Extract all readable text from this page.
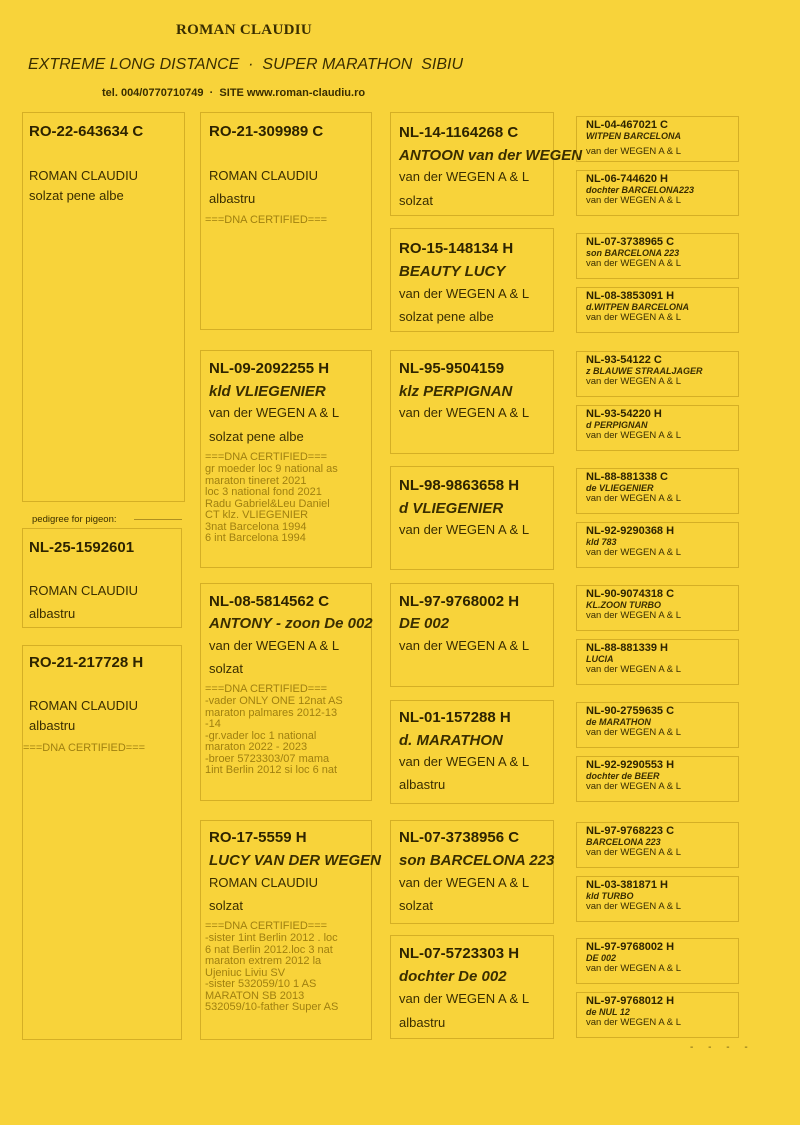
ROMAN CLAUDIU
EXTREME LONG DISTANCE  ·  SUPER MARATHON  SIBIU
tel. 004/0770710749  ·  SITE www.roman-claudiu.ro
RO-22-643634 C
ROMAN CLAUDIU
solzat pene albe
pedigree for pigeon:
NL-25-1592601
ROMAN CLAUDIU
albastru
RO-21-217728 H
ROMAN CLAUDIU
albastru
===DNA CERTIFIED===
RO-21-309989 C
ROMAN CLAUDIU
albastru
===DNA CERTIFIED===
NL-09-2092255 H
kld VLIEGENIER
van der WEGEN A & L
solzat pene albe
===DNA CERTIFIED===
gr moeder loc 9 national as
maraton tineret 2021
loc 3 national fond 2021
Radu Gabriel&Leu Daniel
CT klz. VLIEGENIER
3nat Barcelona 1994
6 int Barcelona 1994
NL-08-5814562 C
ANTONY - zoon De 002
van der WEGEN A & L
solzat
===DNA CERTIFIED===
-vader ONLY ONE 12nat AS
maraton palmares 2012-13
-14
-gr.vader loc 1 national
maraton 2022 - 2023
-broer 5723303/07 mama
1int Berlin 2012 si loc 6 nat
RO-17-5559 H
LUCY VAN DER WEGEN
ROMAN CLAUDIU
solzat
===DNA CERTIFIED===
-sister 1int Berlin 2012 . loc
6 nat Berlin 2012.loc 3 nat
maraton extrem 2012 la
Ujeniuc Liviu SV
-sister 532059/10 1 AS
MARATON SB 2013
532059/10-father Super AS
NL-14-1164268 C
ANTOON van der WEGEN
van der WEGEN A & L
solzat
RO-15-148134 H
BEAUTY LUCY
van der WEGEN A & L
solzat pene albe
NL-95-9504159
klz PERPIGNAN
van der WEGEN A & L
NL-98-9863658 H
d VLIEGENIER
van der WEGEN A & L
NL-97-9768002 H
DE 002
van der WEGEN A & L
NL-01-157288 H
d. MARATHON
van der WEGEN A & L
albastru
NL-07-3738956 C
son BARCELONA 223
van der WEGEN A & L
solzat
NL-07-5723303 H
dochter De 002
van der WEGEN A & L
albastru
NL-04-467021 C
WITPEN BARCELONA
van der WEGEN A & L
NL-06-744620 H
dochter BARCELONA223
van der WEGEN A & L
NL-07-3738965 C
son BARCELONA 223
van der WEGEN A & L
NL-08-3853091 H
d.WITPEN BARCELONA
van der WEGEN A & L
NL-93-54122 C
z BLAUWE STRAALJAGER
van der WEGEN A & L
NL-93-54220 H
d PERPIGNAN
van der WEGEN A & L
NL-88-881338 C
de VLIEGENIER
van der WEGEN A & L
NL-92-9290368 H
kld 783
van der WEGEN A & L
NL-90-9074318 C
KL.ZOON TURBO
van der WEGEN A & L
NL-88-881339 H
LUCIA
van der WEGEN A & L
NL-90-2759635 C
de MARATHON
van der WEGEN A & L
NL-92-9290553 H
dochter de BEER
van der WEGEN A & L
NL-97-9768223 C
BARCELONA 223
van der WEGEN A & L
NL-03-381871 H
kld TURBO
van der WEGEN A & L
NL-97-9768002 H
DE 002
van der WEGEN A & L
NL-97-9768012 H
de NUL 12
van der WEGEN A & L
- - - -
